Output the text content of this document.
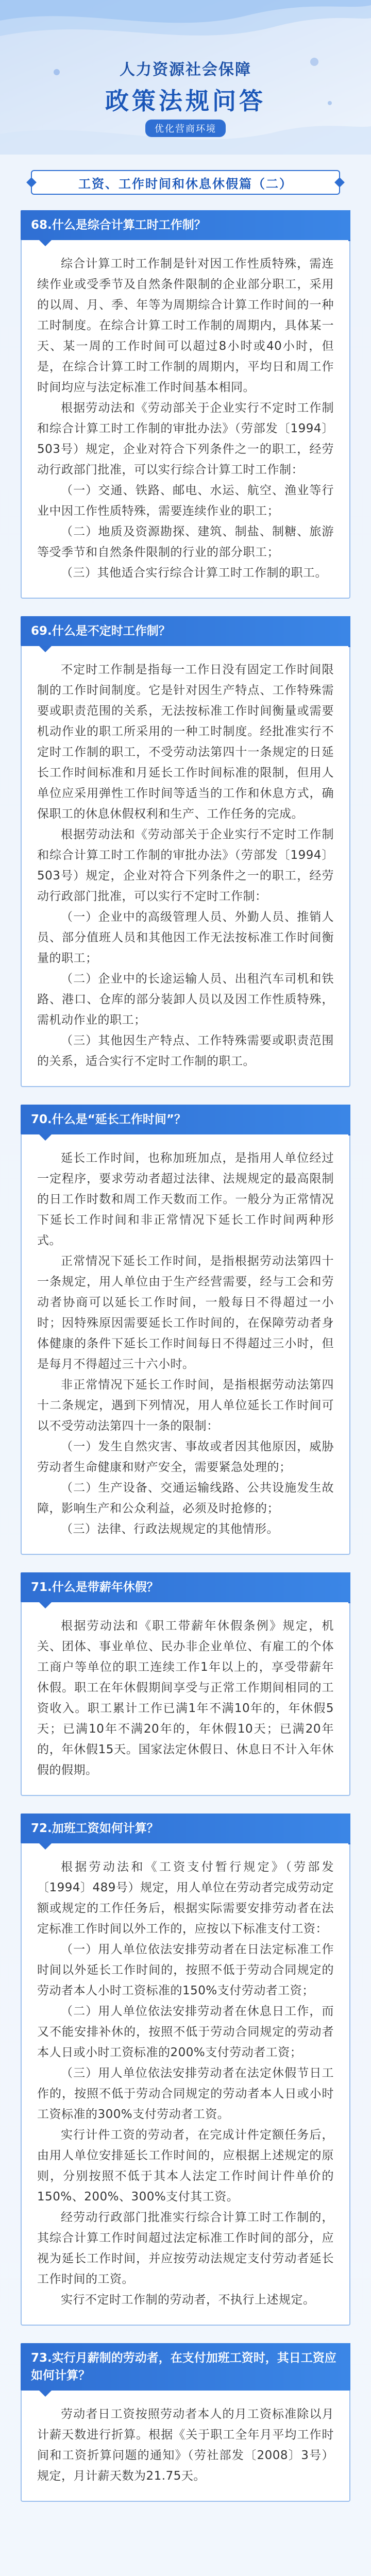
人力资源社会保障
政策法规问答
优化营商环境
工资、工作时间和休息休假篇（二）
68.什么是综合计算工时工作制？

综合计算工时工作制是针对因工作性质特殊，需连续作业或受季节及自然条件限制的企业部分职工，采用的以周、月、季、年等为周期综合计算工作时间的一种工时制度。在综合计算工时工作制的周期内，具体某一天、某一周的工作时间可以超过8小时或40小时，但是，在综合计算工时工作制的周期内，平均日和周工作时间均应与法定标准工作时间基本相同。

根据劳动法和《劳动部关于企业实行不定时工作制和综合计算工时工作制的审批办法》（劳部发〔1994〕503号）规定，企业对符合下列条件之一的职工，经劳动行政部门批准，可以实行综合计算工时工作制：

（一）交通、铁路、邮电、水运、航空、渔业等行业中因工作性质特殊，需要连续作业的职工；

（二）地质及资源勘探、建筑、制盐、制糖、旅游等受季节和自然条件限制的行业的部分职工；

（三）其他适合实行综合计算工时工作制的职工。

69.什么是不定时工作制？

不定时工作制是指每一工作日没有固定工作时间限制的工作时间制度。它是针对因生产特点、工作特殊需要或职责范围的关系，无法按标准工作时间衡量或需要机动作业的职工所采用的一种工时制度。经批准实行不定时工作制的职工，不受劳动法第四十一条规定的日延长工作时间标准和月延长工作时间标准的限制，但用人单位应采用弹性工作时间等适当的工作和休息方式，确保职工的休息休假权利和生产、工作任务的完成。

根据劳动法和《劳动部关于企业实行不定时工作制和综合计算工时工作制的审批办法》（劳部发〔1994〕503号）规定，企业对符合下列条件之一的职工，经劳动行政部门批准，可以实行不定时工作制：

（一）企业中的高级管理人员、外勤人员、推销人员、部分值班人员和其他因工作无法按标准工作时间衡量的职工；

（二）企业中的长途运输人员、出租汽车司机和铁路、港口、仓库的部分装卸人员以及因工作性质特殊，需机动作业的职工；

（三）其他因生产特点、工作特殊需要或职责范围的关系，适合实行不定时工作制的职工。

70.什么是“延长工作时间”？

延长工作时间，也称加班加点，是指用人单位经过一定程序，要求劳动者超过法律、法规规定的最高限制的日工作时数和周工作天数而工作。一般分为正常情况下延长工作时间和非正常情况下延长工作时间两种形式。

正常情况下延长工作时间，是指根据劳动法第四十一条规定，用人单位由于生产经营需要，经与工会和劳动者协商可以延长工作时间，一般每日不得超过一小时；因特殊原因需要延长工作时间的，在保障劳动者身体健康的条件下延长工作时间每日不得超过三小时，但是每月不得超过三十六小时。

非正常情况下延长工作时间，是指根据劳动法第四十二条规定，遇到下列情况，用人单位延长工作时间可以不受劳动法第四十一条的限制：

（一）发生自然灾害、事故或者因其他原因，威胁劳动者生命健康和财产安全，需要紧急处理的；

（二）生产设备、交通运输线路、公共设施发生故障，影响生产和公众利益，必须及时抢修的；

（三）法律、行政法规规定的其他情形。

71.什么是带薪年休假？

根据劳动法和《职工带薪年休假条例》规定，机关、团体、事业单位、民办非企业单位、有雇工的个体工商户等单位的职工连续工作1年以上的，享受带薪年休假。职工在年休假期间享受与正常工作期间相同的工资收入。职工累计工作已满1年不满10年的，年休假5天；已满10年不满20年的，年休假10天；已满20年的，年休假15天。国家法定休假日、休息日不计入年休假的假期。

72.加班工资如何计算？

根据劳动法和《工资支付暂行规定》（劳部发〔1994〕489号）规定，用人单位在劳动者完成劳动定额或规定的工作任务后，根据实际需要安排劳动者在法定标准工作时间以外工作的，应按以下标准支付工资：

（一）用人单位依法安排劳动者在日法定标准工作时间以外延长工作时间的，按照不低于劳动合同规定的劳动者本人小时工资标准的150%支付劳动者工资；

（二）用人单位依法安排劳动者在休息日工作，而又不能安排补休的，按照不低于劳动合同规定的劳动者本人日或小时工资标准的200%支付劳动者工资；

（三）用人单位依法安排劳动者在法定休假节日工作的，按照不低于劳动合同规定的劳动者本人日或小时工资标准的300%支付劳动者工资。

实行计件工资的劳动者，在完成计件定额任务后，由用人单位安排延长工作时间的，应根据上述规定的原则，分别按照不低于其本人法定工作时间计件单价的150%、200%、300%支付其工资。

经劳动行政部门批准实行综合计算工时工作制的，其综合计算工作时间超过法定标准工作时间的部分，应视为延长工作时间，并应按劳动法规定支付劳动者延长工作时间的工资。

实行不定时工作制的劳动者，不执行上述规定。

73.实行月薪制的劳动者，在支付加班工资时，其日工资应如何计算？

劳动者日工资按照劳动者本人的月工资标准除以月计薪天数进行折算。根据《关于职工全年月平均工作时间和工资折算问题的通知》（劳社部发〔2008〕3号）规定，月计薪天数为21.75天。
